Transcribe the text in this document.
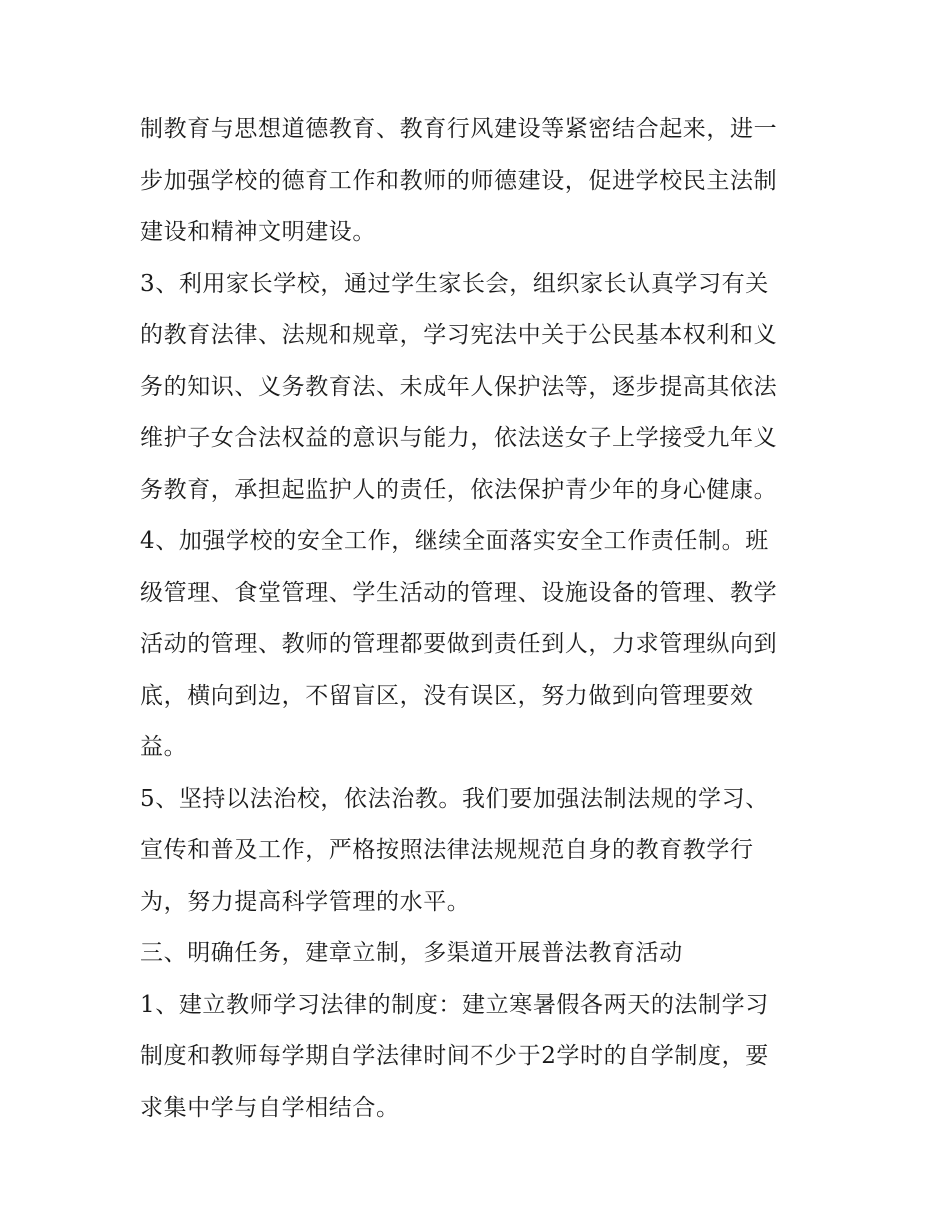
制教育与思想道德教育、教育行风建设等紧密结合起来，进一
步加强学校的德育工作和教师的师德建设，促进学校民主法制
建设和精神文明建设。
3、利用家长学校，通过学生家长会，组织家长认真学习有关
的教育法律、法规和规章，学习宪法中关于公民基本权利和义
务的知识、义务教育法、未成年人保护法等，逐步提高其依法
维护子女合法权益的意识与能力，依法送女子上学接受九年义
务教育，承担起监护人的责任，依法保护青少年的身心健康。
4、加强学校的安全工作，继续全面落实安全工作责任制。班
级管理、食堂管理、学生活动的管理、设施设备的管理、教学
活动的管理、教师的管理都要做到责任到人，力求管理纵向到
底，横向到边，不留盲区，没有误区，努力做到向管理要效
益。
5、坚持以法治校，依法治教。我们要加强法制法规的学习、
宣传和普及工作，严格按照法律法规规范自身的教育教学行
为，努力提高科学管理的水平。
三、明确任务，建章立制，多渠道开展普法教育活动
1、建立教师学习法律的制度：建立寒暑假各两天的法制学习
制度和教师每学期自学法律时间不少于2学时的自学制度，要
求集中学与自学相结合。
